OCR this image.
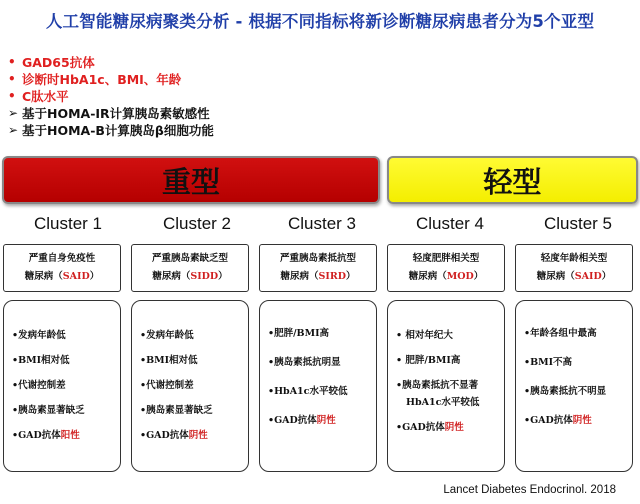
人工智能糖尿病聚类分析 - 根据不同指标将新诊断糖尿病患者分为5个亚型
• GAD65抗体
• 诊断时HbA1c、BMI、年龄
• C肽水平
➢ 基于HOMA-IR计算胰岛素敏感性
➢ 基于HOMA-B计算胰岛β细胞功能
重型	轻型
Cluster 1	Cluster 2	Cluster 3	Cluster 4	Cluster 5
严重自身免疫性
糖尿病（SAID）
严重胰岛素缺乏型
糖尿病（SIDD）
严重胰岛素抵抗型
糖尿病（SIRD）
轻度肥胖相关型
糖尿病（MOD）
轻度年龄相关型
糖尿病（SAID）
•发病年龄低
•BMI相对低
•代谢控制差
•胰岛素显著缺乏
•GAD抗体阳性
•发病年龄低
•BMI相对低
•代谢控制差
•胰岛素显著缺乏
•GAD抗体阴性
•肥胖/BMI高
•胰岛素抵抗明显
•HbA1c水平较低
•GAD抗体阴性
• 相对年纪大
• 肥胖/BMI高
•胰岛素抵抗不显著
HbA1c水平较低
•GAD抗体阴性
•年龄各组中最高
•BMI不高
•胰岛素抵抗不明显
•GAD抗体阴性
Lancet Diabetes Endocrinol. 2018
